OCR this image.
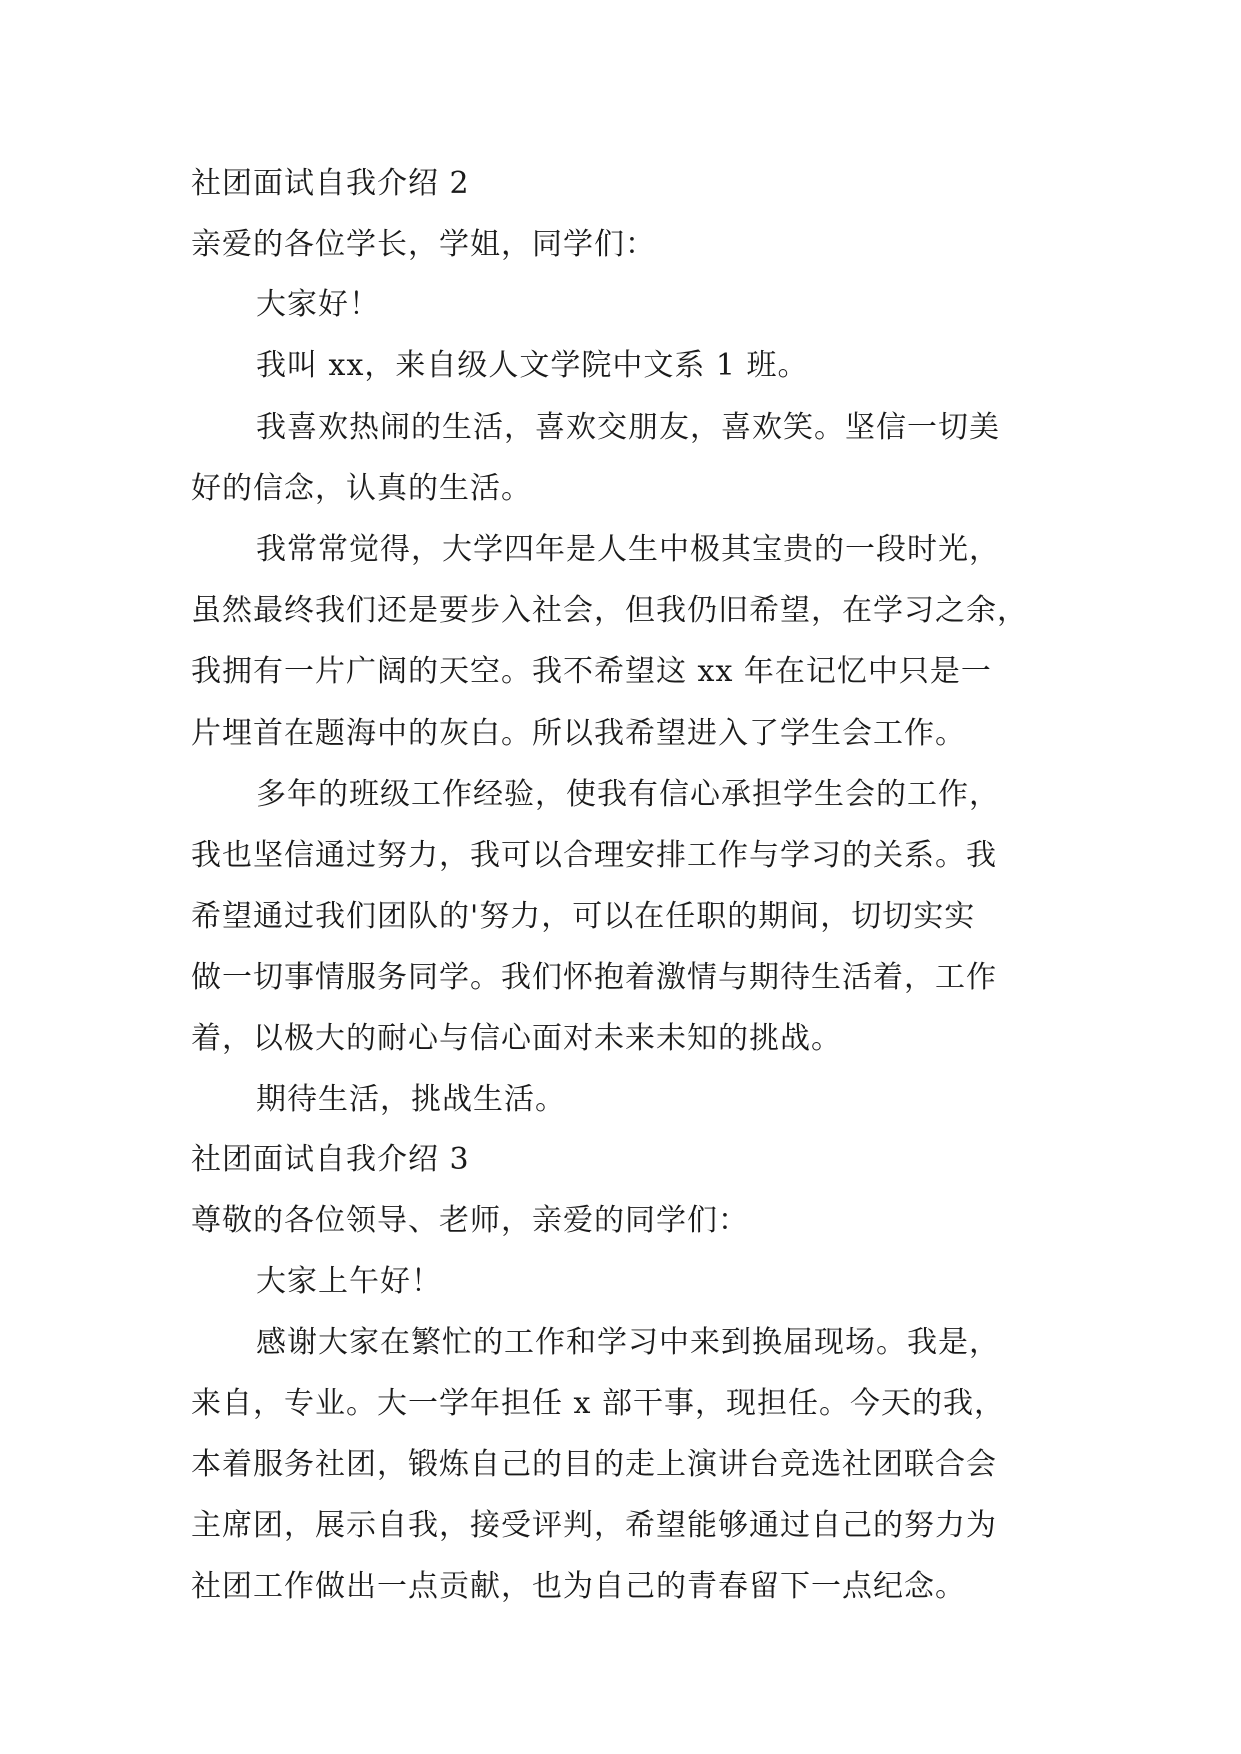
社团面试自我介绍 2
亲爱的各位学长，学姐，同学们：
大家好！
我叫 xx，来自级人文学院中文系 1 班。
我喜欢热闹的生活，喜欢交朋友，喜欢笑。坚信一切美
好的信念，认真的生活。
我常常觉得，大学四年是人生中极其宝贵的一段时光，
虽然最终我们还是要步入社会，但我仍旧希望，在学习之余，
我拥有一片广阔的天空。我不希望这 xx 年在记忆中只是一
片埋首在题海中的灰白。所以我希望进入了学生会工作。
多年的班级工作经验，使我有信心承担学生会的工作，
我也坚信通过努力，我可以合理安排工作与学习的关系。我
希望通过我们团队的'努力，可以在任职的期间，切切实实
做一切事情服务同学。我们怀抱着激情与期待生活着，工作
着，以极大的耐心与信心面对未来未知的挑战。
期待生活，挑战生活。
社团面试自我介绍 3
尊敬的各位领导、老师，亲爱的同学们：
大家上午好！
感谢大家在繁忙的工作和学习中来到换届现场。我是，
来自，专业。大一学年担任 x 部干事，现担任。今天的我，
本着服务社团，锻炼自己的目的走上演讲台竞选社团联合会
主席团，展示自我，接受评判，希望能够通过自己的努力为
社团工作做出一点贡献，也为自己的青春留下一点纪念。
